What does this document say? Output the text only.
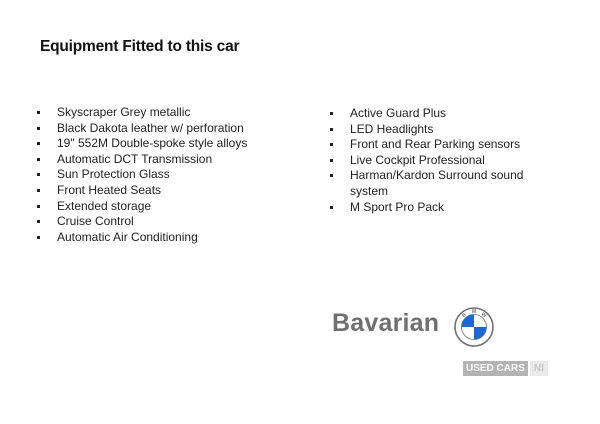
Equipment Fitted to this car
Skyscraper Grey metallic
Black Dakota leather w/ perforation
19" 552M Double-spoke style alloys
Automatic DCT Transmission
Sun Protection Glass
Front Heated Seats
Extended storage
Cruise Control
Automatic Air Conditioning
Active Guard Plus
LED Headlights
Front and Rear Parking sensors
Live Cockpit Professional
Harman/Kardon Surround sound system
M Sport Pro Pack
Bavarian	B
M W
USED CARS NI
